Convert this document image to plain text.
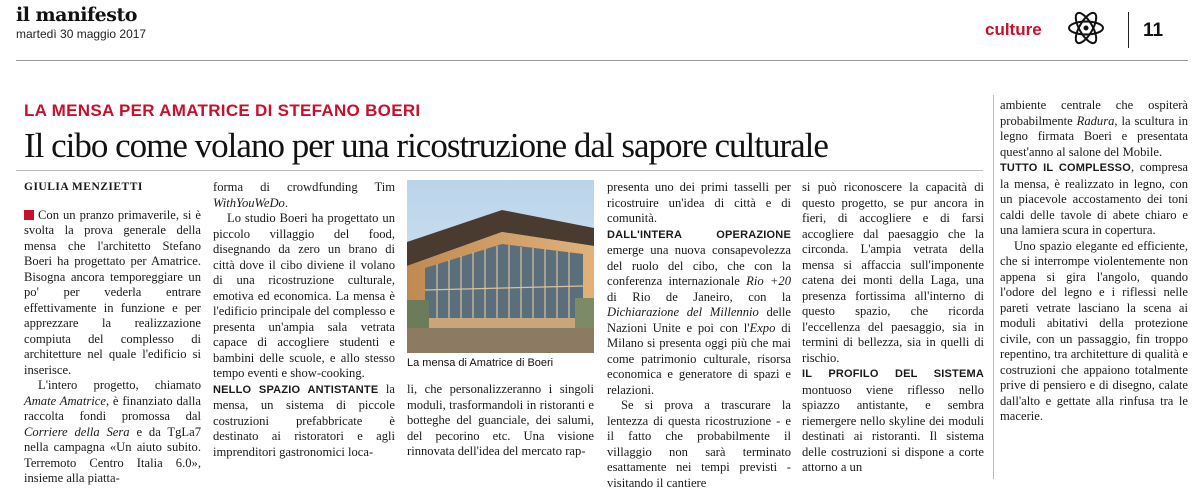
il manifesto
martedì 30 maggio 2017	culture	11
LA MENSA PER AMATRICE DI STEFANO BOERI
Il cibo come volano per una ricostruzione dal sapore culturale
GIULIA MENZIETTI

Con un pranzo primaverile, si è svolta la prova generale della mensa che l'architetto Stefano Boeri ha progettato per Amatrice. Bisogna ancora temporeggiare un po' per vederla entrare effettivamente in funzione e per apprezzare la realizzazione compiuta del complesso di architetture nel quale l'edificio si inserisce.

L'intero progetto, chiamato Amate Amatrice, è finanziato dalla raccolta fondi promossa dal Corriere della Sera e da TgLa7 nella campagna «Un aiuto subito. Terremoto Centro Italia 6.0», insieme alla piatta-

forma di crowdfunding Tim WithYouWeDo.

Lo studio Boeri ha progettato un piccolo villaggio del food, disegnando da zero un brano di città dove il cibo diviene il volano di una ricostruzione culturale, emotiva ed economica. La mensa è l'edificio principale del complesso e presenta un'ampia sala vetrata capace di accogliere studenti e bambini delle scuole, e allo stesso tempo eventi e show-cooking.

NELLO SPAZIO ANTISTANTE la mensa, un sistema di piccole costruzioni prefabbricate è destinato ai ristoratori e agli imprenditori gastronomici loca-

La mensa di Amatrice di Boeri

li, che personalizzeranno i singoli moduli, trasformandoli in ristoranti e botteghe del guanciale, dei salumi, del pecorino etc. Una visione rinnovata dell'idea del mercato rap-

presenta uno dei primi tasselli per ricostruire un'idea di città e di comunità.

DALL'INTERA OPERAZIONE emerge una nuova consapevolezza del ruolo del cibo, che con la conferenza internazionale Rio +20 di Rio de Janeiro, con la Dichiarazione del Millennio delle Nazioni Unite e poi con l'Expo di Milano si presenta oggi più che mai come patrimonio culturale, risorsa economica e generatore di spazi e relazioni.

Se si prova a trascurare la lentezza di questa ricostruzione - e il fatto che probabilmente il villaggio non sarà terminato esattamente nei tempi previsti - visitando il cantiere

si può riconoscere la capacità di questo progetto, se pur ancora in fieri, di accogliere e di farsi accogliere dal paesaggio che la circonda. L'ampia vetrata della mensa si affaccia sull'imponente catena dei monti della Laga, una presenza fortissima all'interno di questo spazio, che ricorda l'eccellenza del paesaggio, sia in termini di bellezza, sia in quelli di rischio.

IL PROFILO DEL SISTEMA montuoso viene riflesso nello spiazzo antistante, e sembra riemergere nello skyline dei moduli destinati ai ristoranti. Il sistema delle costruzioni si dispone a corte attorno a un

ambiente centrale che ospiterà probabilmente Radura, la scultura in legno firmata Boeri e presentata quest'anno al salone del Mobile.

TUTTO IL COMPLESSO, compresa la mensa, è realizzato in legno, con un piacevole accostamento dei toni caldi delle tavole di abete chiaro e una lamiera scura in copertura.

Uno spazio elegante ed efficiente, che si interrompe violentemente non appena si gira l'angolo, quando l'odore del legno e i riflessi nelle pareti vetrate lasciano la scena ai moduli abitativi della protezione civile, con un passaggio, fin troppo repentino, tra architetture di qualità e costruzioni che appaiono totalmente prive di pensiero e di disegno, calate dall'alto e gettate alla rinfusa tra le macerie.
